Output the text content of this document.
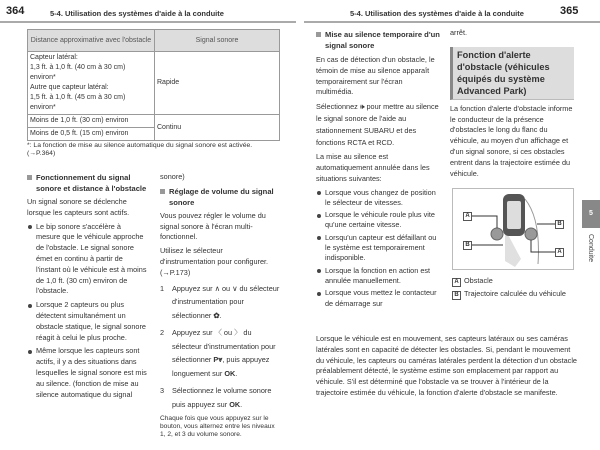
364	5-4. Utilisation des systèmes d'aide à la conduite
Distance approximative avec l'obstacle	Signal sonore

Capteur latéral:
1,3 ft. à 1,0 ft. (40 cm à 30 cm) environ*
Autre que capteur latéral:
1,5 ft. à 1,0 ft. (45 cm à 30 cm) environ*	Rapide
Moins de 1,0 ft. (30 cm) environ	Continu
Moins de 0,5 ft. (15 cm) environ	
*: La fonction de mise au silence automatique du signal sonore est activée. (→P.364)
Fonctionnement du signal sonore et distance à l'obstacle

Un signal sonore se déclenche lorsque les capteurs sont actifs.

Le bip sonore s'accélère à mesure que le véhicule approche de l'obstacle. Le signal sonore émet en continu à partir de l'instant où le véhicule est à moins de 1,0 ft. (30 cm) environ de l'obstacle.
Lorsque 2 capteurs ou plus détectent simultanément un obstacle statique, le signal sonore réagit à celui le plus proche.
Même lorsque les capteurs sont actifs, il y a des situations dans lesquelles le signal sonore est mis au silence. (fonction de mise au silence automatique du signal
sonore)
Réglage de volume du signal sonore

Vous pouvez régler le volume du signal sonore à l'écran multi-fonctionnel.

Utilisez le sélecteur d'instrumentation pour configurer. (→P.173)

1 Appuyez sur ∧ ou ∨ du sélecteur d'instrumentation pour sélectionner ✿.
2 Appuyez sur 〈 ou 〉 du sélecteur d'instrumentation pour sélectionner P⩔, puis appuyez longuement sur OK.
3 Sélectionnez le volume sonore puis appuyez sur OK.
Chaque fois que vous appuyez sur le bouton, vous alternez entre les niveaux 1, 2, et 3 du volume sonore.
5-4. Utilisation des systèmes d'aide à la conduite	365
Mise au silence temporaire d'un signal sonore

En cas de détection d'un obstacle, le témoin de mise au silence apparaît temporairement sur l'écran multimédia.

Sélectionnez 🕪 pour mettre au silence le signal sonore de l'aide au stationnement SUBARU et des fonctions RCTA et RCD.

La mise au silence est automatiquement annulée dans les situations suivantes:

Lorsque vous changez de position le sélecteur de vitesses.
Lorsque le véhicule roule plus vite qu'une certaine vitesse.
Lorsqu'un capteur est défaillant ou le système est temporairement indisponible.
Lorsque la fonction en action est annulée manuellement.
Lorsque vous mettez le contacteur de démarrage sur
arrêt.
Fonction d'alerte d'obstacle (véhicules équipés du système Advanced Park)

La fonction d'alerte d'obstacle informe le conducteur de la présence d'obstacles le long du flanc du véhicule, au moyen d'un affichage et d'un signal sonore, si ces obstacles entrent dans la trajectoire estimée du véhicule.

A
B
B
A
A Obstacle
B Trajectoire calculée du véhicule
Lorsque le véhicule est en mouvement, ses capteurs latéraux ou ses caméras latérales sont en capacité de détecter les obstacles. Si, pendant le mouvement du véhicule, les capteurs ou caméras latérales perdent la détection d'un obstacle préalablement détecté, le système estime son emplacement par rapport au véhicule. S'il est déterminé que l'obstacle va se trouver à l'intérieur de la trajectoire estimée du véhicule, la fonction d'alerte d'obstacle se manifeste.
5
Conduite
